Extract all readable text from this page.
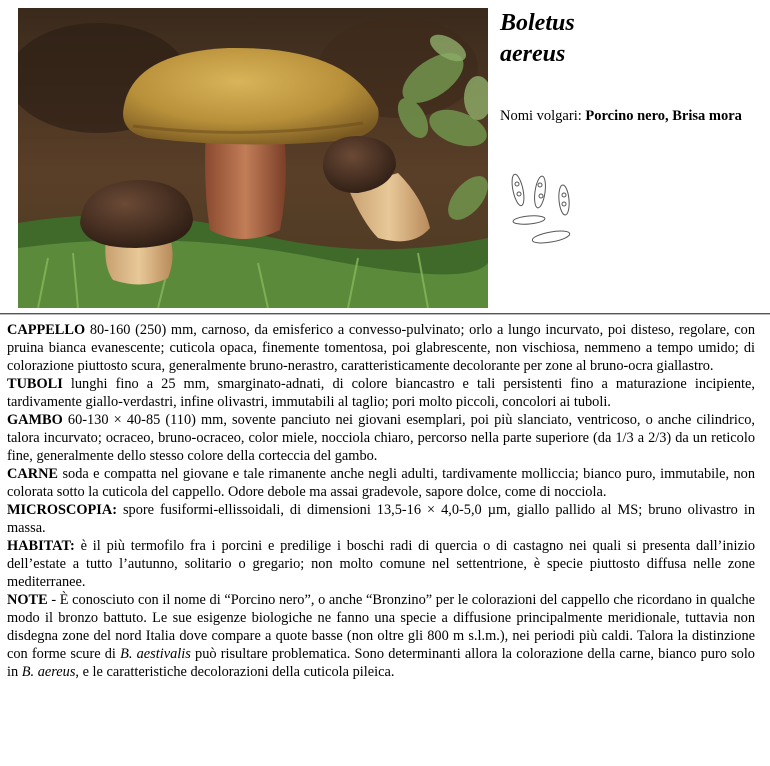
Boletus
aereus
Nomi volgari: Porcino nero, Brisa mora

CAPPELLO 80-160 (250) mm, carnoso, da emisferico a convesso-pulvinato; orlo a lungo incurvato, poi disteso, regolare, con pruina bianca evanescente; cuticola opaca, finemente tomentosa, poi glabrescente, non vischiosa, nemmeno a tempo umido; di colorazione piuttosto scura, generalmente bruno-nerastro, caratteristicamente decolorante per zone al bruno-ocra giallastro.

TUBOLI lunghi fino a 25 mm, smarginato-adnati, di colore biancastro e tali persistenti fino a maturazione incipiente, tardivamente giallo-verdastri, infine olivastri, immutabili al taglio; pori molto piccoli, concolori ai tuboli.

GAMBO 60-130 × 40-85 (110) mm, sovente panciuto nei giovani esemplari, poi più slanciato, ventricoso, o anche cilindrico, talora incurvato; ocraceo, bruno-ocraceo, color miele, nocciola chiaro, percorso nella parte superiore (da 1/3 a 2/3) da un reticolo fine, generalmente dello stesso colore della corteccia del gambo.

CARNE soda e compatta nel giovane e tale rimanente anche negli adulti, tardivamente molliccia; bianco puro, immutabile, non colorata sotto la cuticola del cappello. Odore debole ma assai gradevole, sapore dolce, come di nocciola.

MICROSCOPIA: spore fusiformi-ellissoidali, di dimensioni 13,5-16 × 4,0-5,0 µm, giallo pallido al MS; bruno olivastro in massa.

HABITAT: è il più termofilo fra i porcini e predilige i boschi radi di quercia o di castagno nei quali si presenta dall’inizio dell’estate a tutto l’autunno, solitario o gregario; non molto comune nel settentrione, è specie piuttosto diffusa nelle zone mediterranee.

NOTE - È conosciuto con il nome di “Porcino nero”, o anche “Bronzino” per le colorazioni del cappello che ricordano in qualche modo il bronzo battuto. Le sue esigenze biologiche ne fanno una specie a diffusione principalmente meridionale, tuttavia non disdegna zone del nord Italia dove compare a quote basse (non oltre gli 800 m s.l.m.), nei periodi più caldi. Talora la distinzione con forme scure di B. aestivalis può risultare problematica. Sono determinanti allora la colorazione della carne, bianco puro solo in B. aereus, e le caratteristiche decolorazioni della cuticola pileica.
